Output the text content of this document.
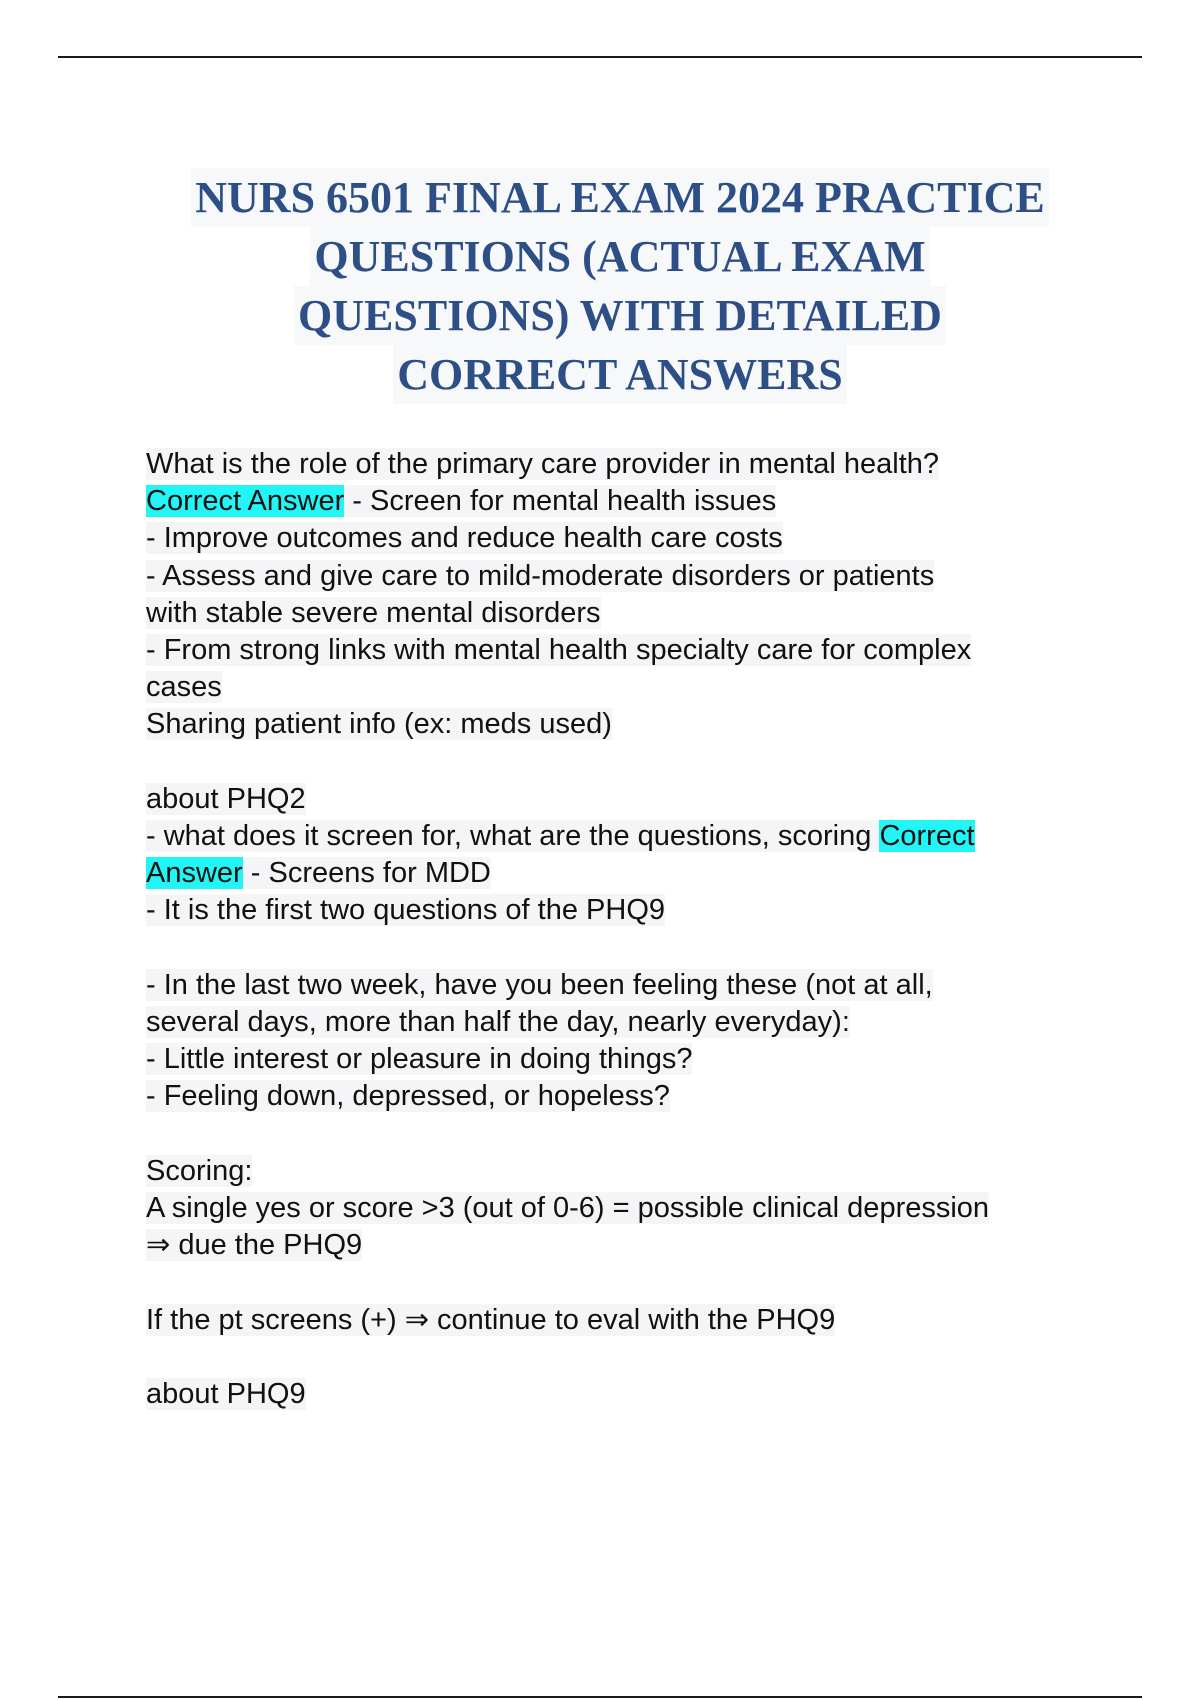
NURS 6501 FINAL EXAM 2024 PRACTICE
QUESTIONS (ACTUAL EXAM
QUESTIONS) WITH DETAILED
CORRECT ANSWERS
What is the role of the primary care provider in mental health?
Correct Answer - Screen for mental health issues
- Improve outcomes and reduce health care costs
- Assess and give care to mild-moderate disorders or patients
with stable severe mental disorders
- From strong links with mental health specialty care for complex
cases
Sharing patient info (ex: meds used)
about PHQ2
- what does it screen for, what are the questions, scoring Correct
Answer - Screens for MDD
- It is the first two questions of the PHQ9
- In the last two week, have you been feeling these (not at all,
several days, more than half the day, nearly everyday):
- Little interest or pleasure in doing things?
- Feeling down, depressed, or hopeless?
Scoring:
A single yes or score >3 (out of 0-6) = possible clinical depression
⇒ due the PHQ9
If the pt screens (+) ⇒ continue to eval with the PHQ9
about PHQ9
